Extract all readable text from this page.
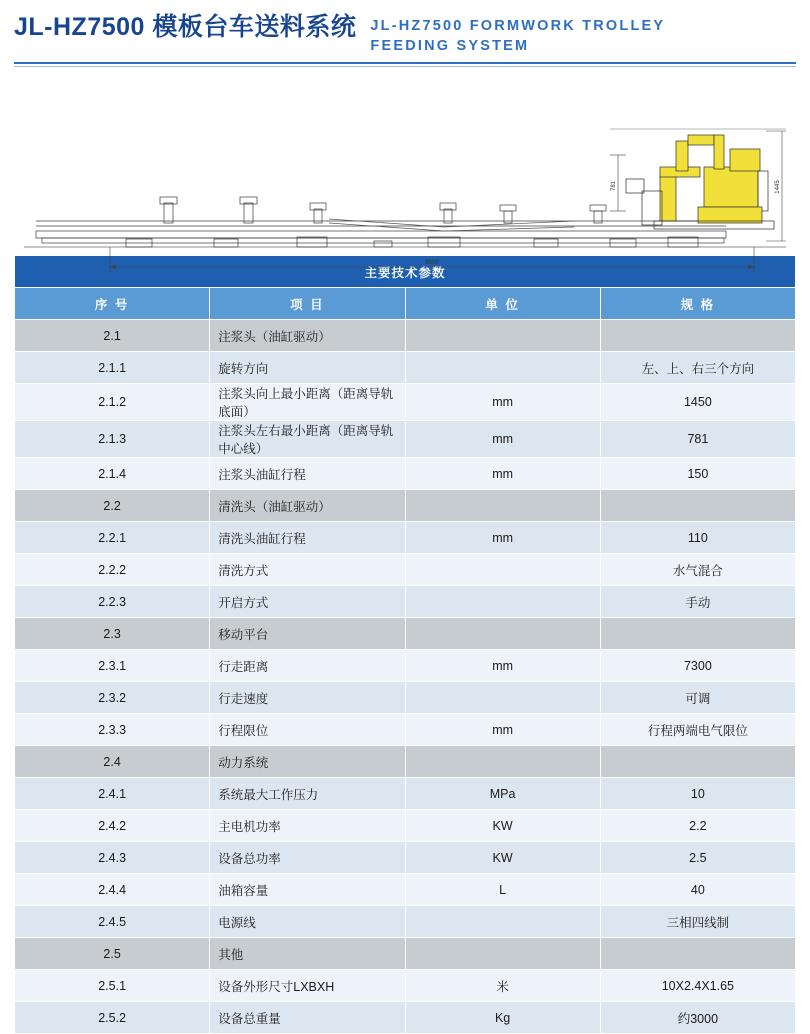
JL-HZ7500 模板台车送料系统 JL-HZ7500 FORMWORK TROLLEY
FEEDING SYSTEM
9500
781	1445
主要技术参数			
序 号	项 目	单 位	规 格
2.1	注浆头（油缸驱动）		
2.1.1	旋转方向		左、上、右三个方向
2.1.2	注浆头向上最小距离（距离导轨底面）	mm	1450
2.1.3	注浆头左右最小距离（距离导轨中心线）	mm	781
2.1.4	注浆头油缸行程	mm	150
2.2	清洗头（油缸驱动）		
2.2.1	清洗头油缸行程	mm	110
2.2.2	清洗方式		水气混合
2.2.3	开启方式		手动
2.3	移动平台		
2.3.1	行走距离	mm	7300
2.3.2	行走速度		可调
2.3.3	行程限位	mm	行程两端电气限位
2.4	动力系统		
2.4.1	系统最大工作压力	MPa	10
2.4.2	主电机功率	KW	2.2
2.4.3	设备总功率	KW	2.5
2.4.4	油箱容量	L	40
2.4.5	电源线		三相四线制
2.5	其他		
2.5.1	设备外形尺寸LXBXH	米	10X2.4X1.65
2.5.2	设备总重量	Kg	约3000
